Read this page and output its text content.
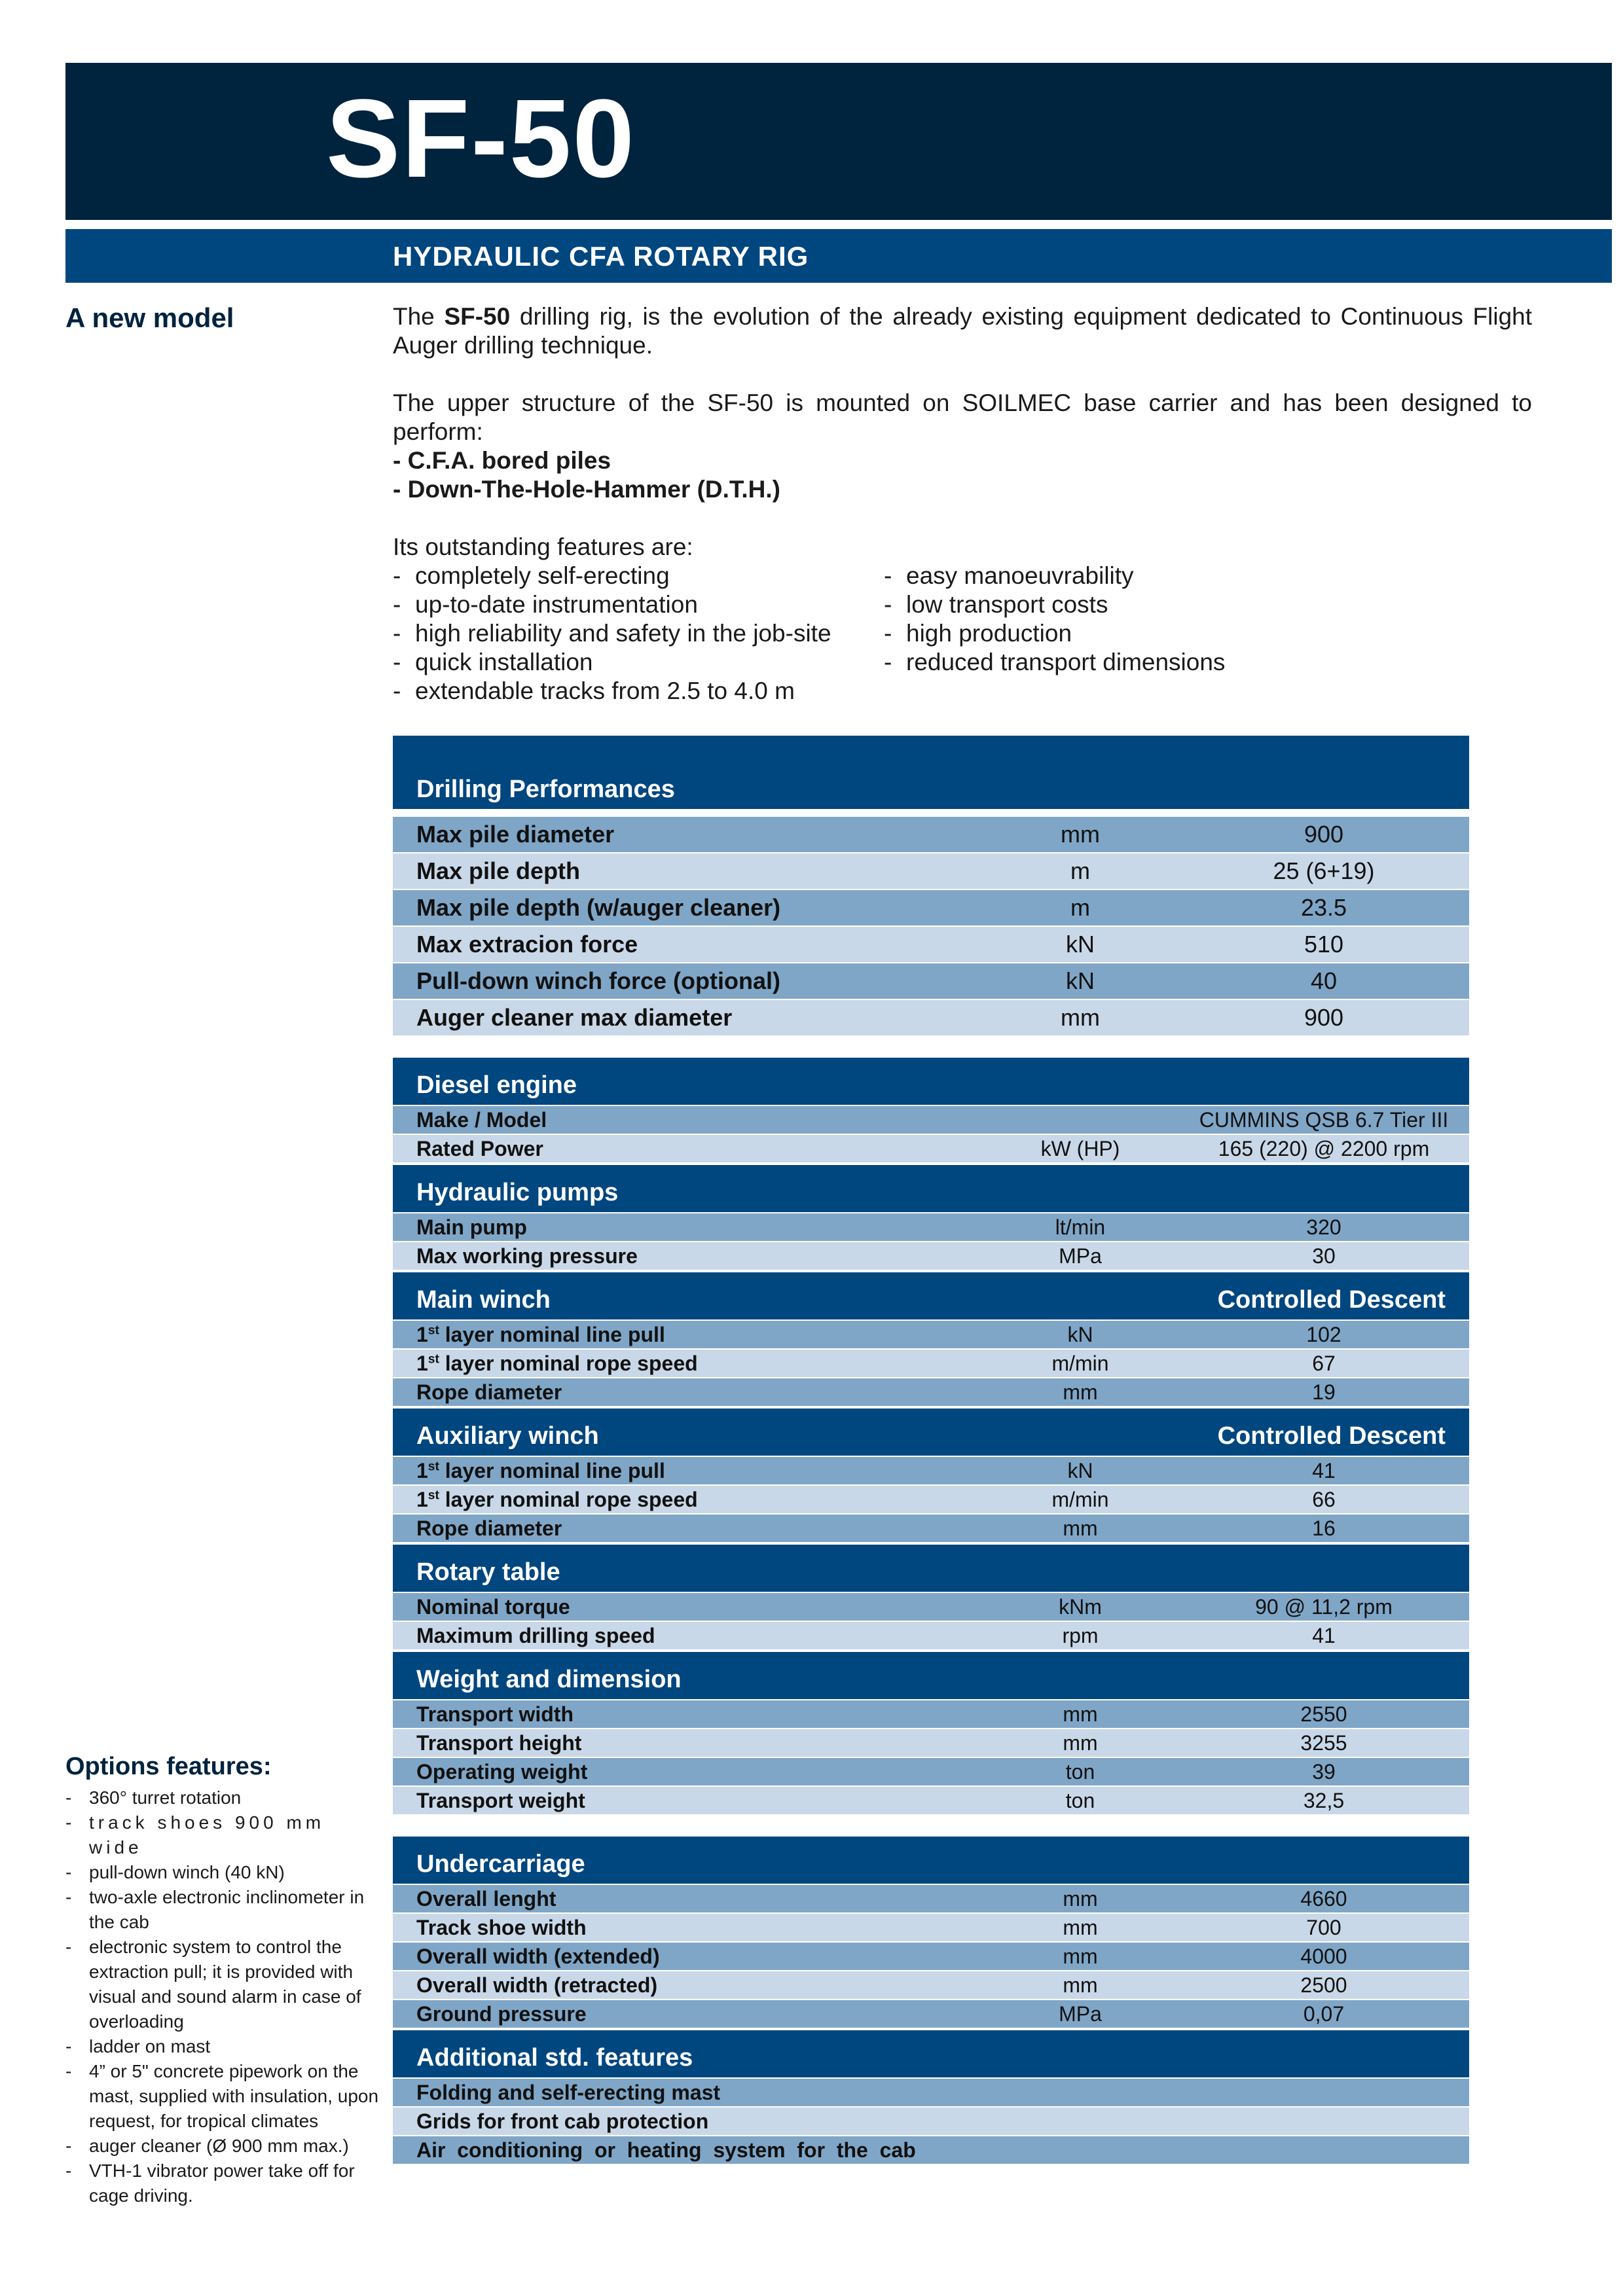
SF-50
HYDRAULIC CFA ROTARY RIG
A new model	The SF-50 drilling rig, is the evolution of the already existing equipment dedicated to Continuous Flight Auger drilling technique.

The upper structure of the SF-50 is mounted on SOILMEC base carrier and has been designed to perform:

- C.F.A. bored piles

- Down-The-Hole-Hammer (D.T.H.)

Its outstanding features are:

- completely self-erecting
- up-to-date instrumentation
- high reliability and safety in the job-site
- quick installation
- extendable tracks from 2.5 to 4.0 m
- easy manoeuvrability
- low transport costs
- high production
- reduced transport dimensions
Options features:
- 360° turret rotation
- track shoes 900 mm wide
- pull-down winch (40 kN)
- two-axle electronic inclinometer in the cab
- electronic system to control the extraction pull; it is provided with visual and sound alarm in case of overloading
- ladder on mast
- 4” or 5" concrete pipework on the mast, supplied with insulation, upon request, for tropical climates
- auger cleaner (Ø 900 mm max.)
- VTH-1 vibrator power take off for cage driving.
Drilling Performances
Max pile diameter	mm	900
Max pile depth	m	25 (6+19)
Max pile depth (w/auger cleaner)	m	23.5
Max extracion force	kN	510
Pull-down winch force (optional)	kN	40
Auger cleaner max diameter	mm	900
Diesel engine
Make / Model	CUMMINS QSB 6.7 Tier III
Rated Power	kW (HP)	165 (220) @ 2200 rpm
Hydraulic pumps
Main pump	lt/min	320
Max working pressure	MPa	30
Main winch	Controlled Descent
1st layer nominal line pull	kN	102
1st layer nominal rope speed	m/min	67
Rope diameter	mm	19
Auxiliary winch	Controlled Descent
1st layer nominal line pull	kN	41
1st layer nominal rope speed	m/min	66
Rope diameter	mm	16
Rotary table
Nominal torque	kNm	90 @ 11,2 rpm
Maximum drilling speed	rpm	41
Weight and dimension
Transport width	mm	2550
Transport height	mm	3255
Operating weight	ton	39
Transport weight	ton	32,5
Undercarriage
Overall lenght	mm	4660
Track shoe width	mm	700
Overall width (extended)	mm	4000
Overall width (retracted)	mm	2500
Ground pressure	MPa	0,07
Additional std. features
Folding and self-erecting mast
Grids for front cab protection
Air  conditioning  or  heating  system  for  the  cab
